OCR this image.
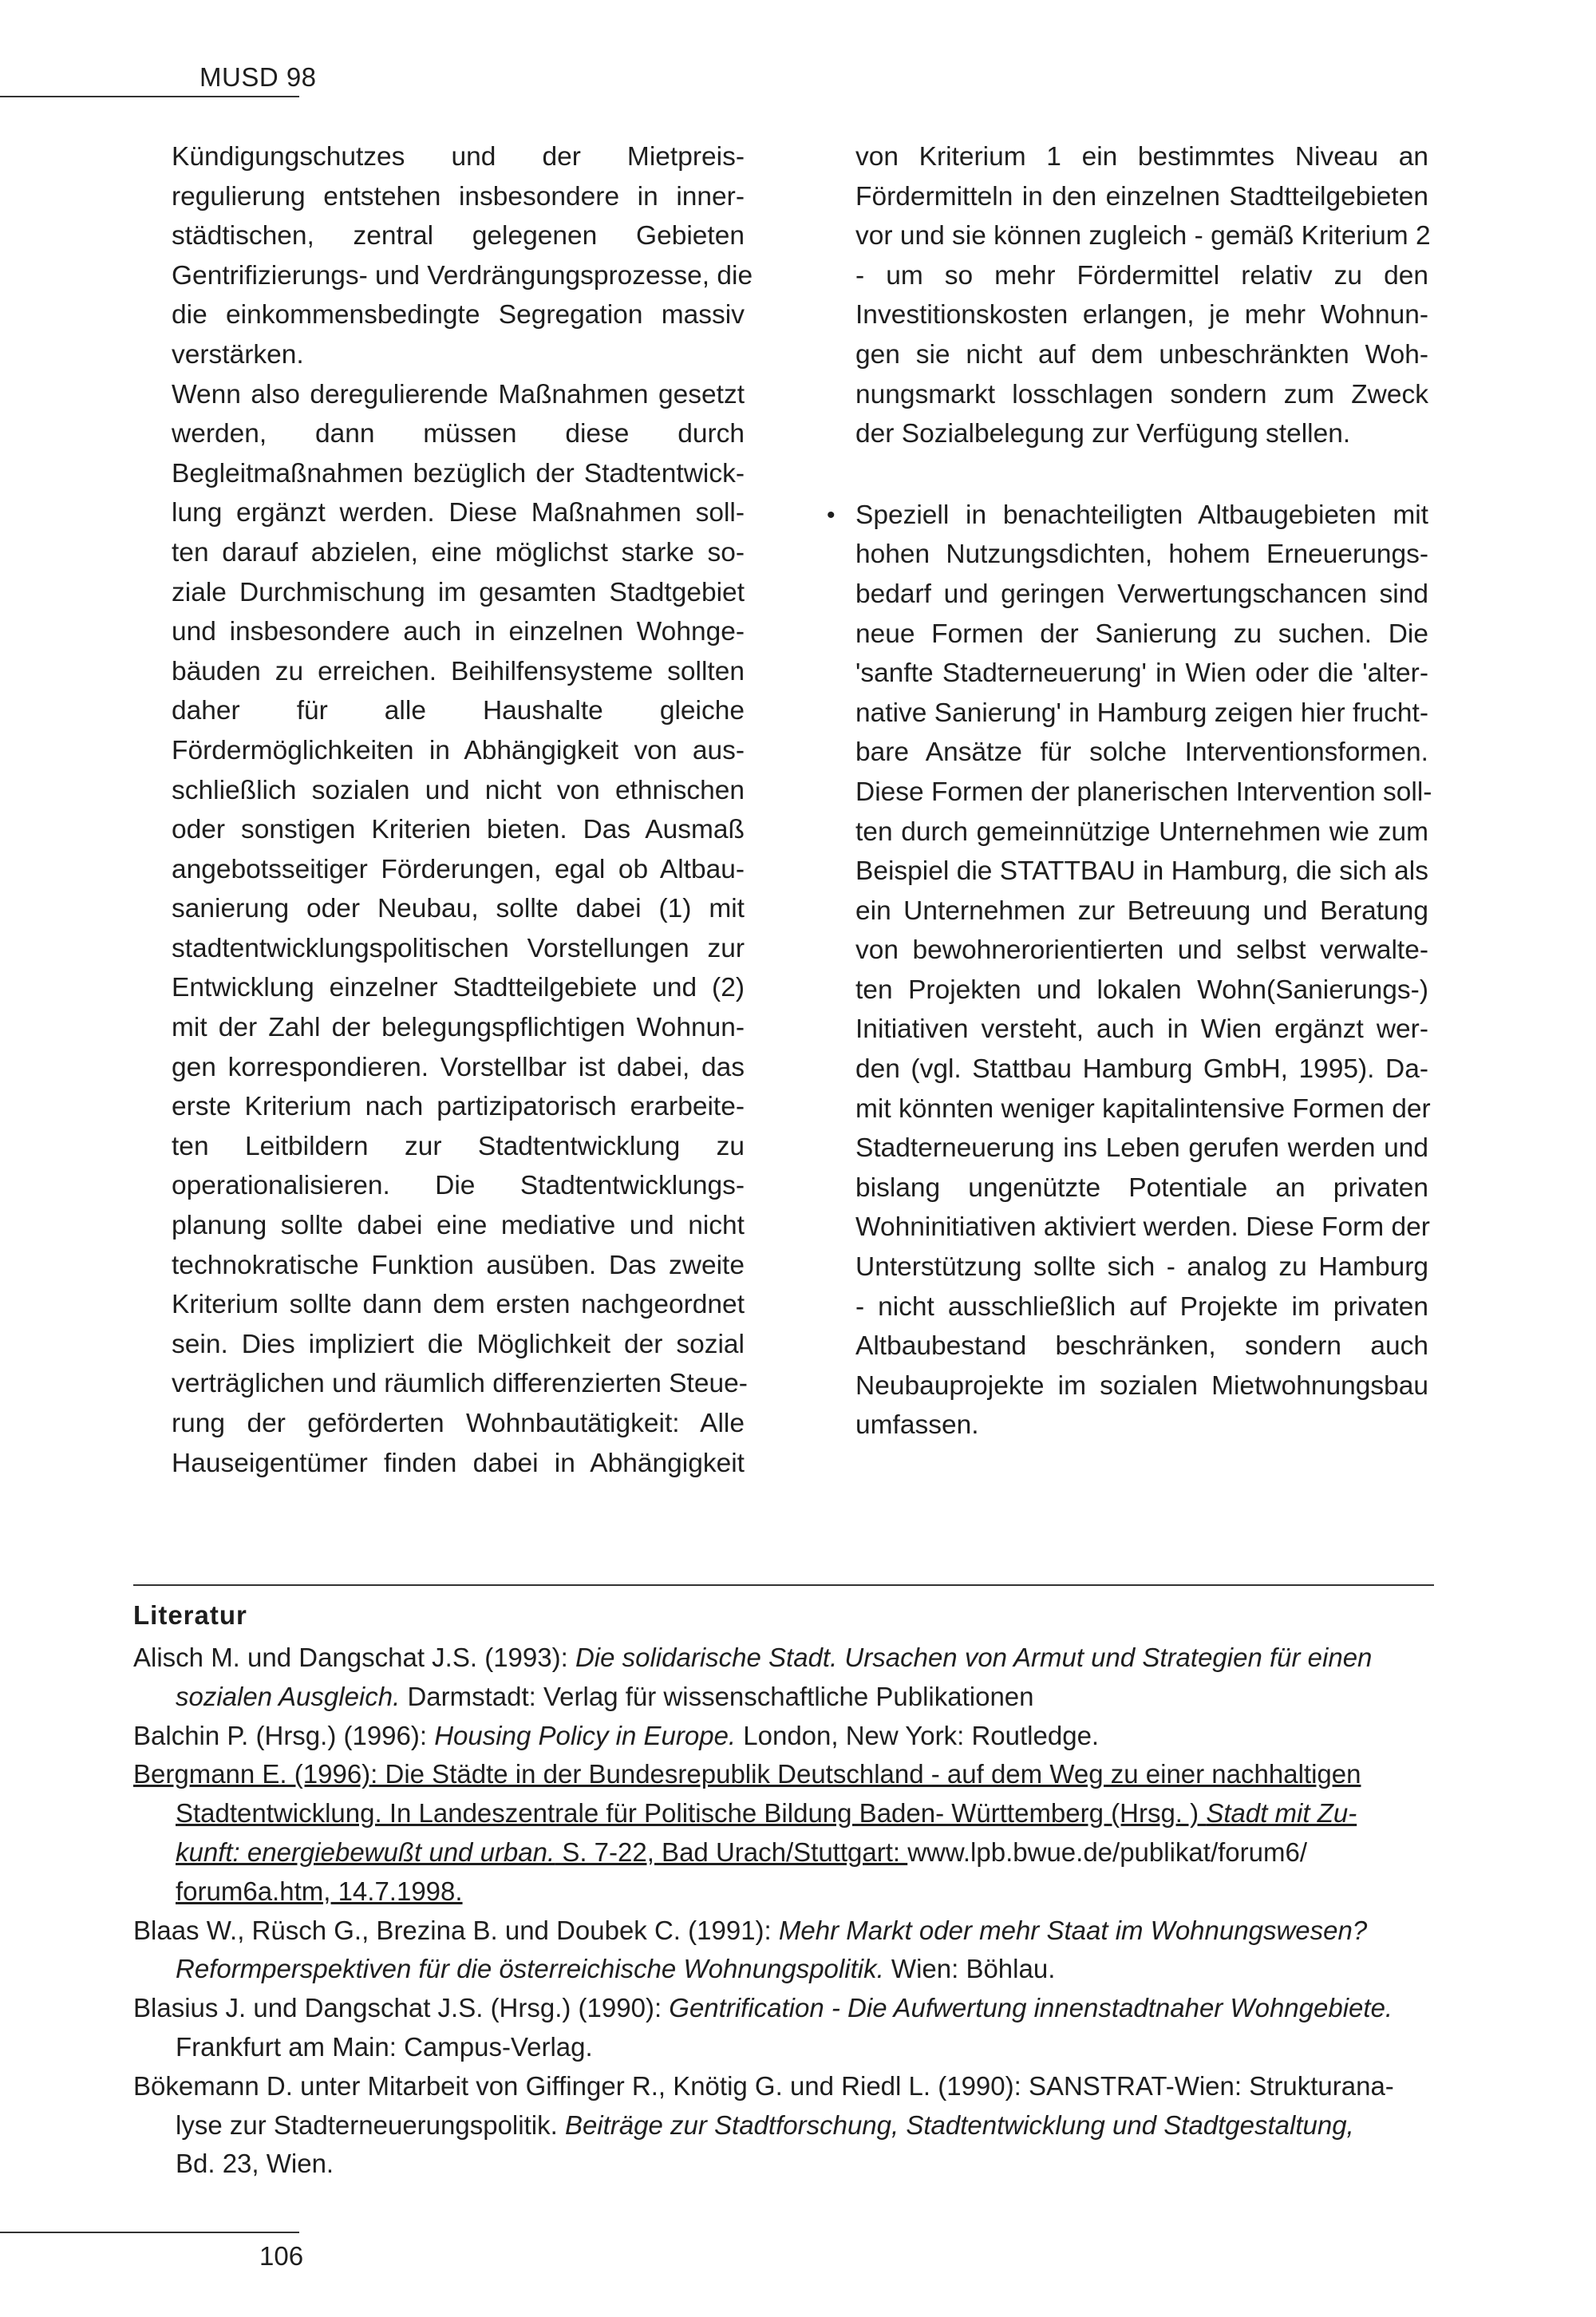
MUSD 98
Kündigungschutzes und der Mietpreis-
regulierung entstehen insbesondere in inner-
städtischen, zentral gelegenen Gebieten
Gentrifizierungs- und Verdrängungsprozesse, die
die einkommensbedingte Segregation massiv
verstärken.
Wenn also deregulierende Maßnahmen gesetzt
werden, dann müssen diese durch
Begleitmaßnahmen bezüglich der Stadtentwick-
lung ergänzt werden. Diese Maßnahmen soll-
ten darauf abzielen, eine möglichst starke so-
ziale Durchmischung im gesamten Stadtgebiet
und insbesondere auch in einzelnen Wohnge-
bäuden zu erreichen. Beihilfensysteme sollten
daher für alle Haushalte gleiche
Fördermöglichkeiten in Abhängigkeit von aus-
schließlich sozialen und nicht von ethnischen
oder sonstigen Kriterien bieten. Das Ausmaß
angebotsseitiger Förderungen, egal ob Altbau-
sanierung oder Neubau, sollte dabei (1) mit
stadtentwicklungspolitischen Vorstellungen zur
Entwicklung einzelner Stadtteilgebiete und (2)
mit der Zahl der belegungspflichtigen Wohnun-
gen korrespondieren. Vorstellbar ist dabei, das
erste Kriterium nach partizipatorisch erarbeite-
ten Leitbildern zur Stadtentwicklung zu
operationalisieren. Die Stadtentwicklungs-
planung sollte dabei eine mediative und nicht
technokratische Funktion ausüben. Das zweite
Kriterium sollte dann dem ersten nachgeordnet
sein. Dies impliziert die Möglichkeit der sozial
verträglichen und räumlich differenzierten Steue-
rung der geförderten Wohnbautätigkeit: Alle
Hauseigentümer finden dabei in Abhängigkeit
von Kriterium 1 ein bestimmtes Niveau an
Fördermitteln in den einzelnen Stadtteilgebieten
vor und sie können zugleich - gemäß Kriterium 2
- um so mehr Fördermittel relativ zu den
Investitionskosten erlangen, je mehr Wohnun-
gen sie nicht auf dem unbeschränkten Woh-
nungsmarkt losschlagen sondern zum Zweck
der Sozialbelegung zur Verfügung stellen.
• Speziell in benachteiligten Altbaugebieten mit
hohen Nutzungsdichten, hohem Erneuerungs-
bedarf und geringen Verwertungschancen sind
neue Formen der Sanierung zu suchen. Die
'sanfte Stadterneuerung' in Wien oder die 'alter-
native Sanierung' in Hamburg zeigen hier frucht-
bare Ansätze für solche Interventionsformen.
Diese Formen der planerischen Intervention soll-
ten durch gemeinnützige Unternehmen wie zum
Beispiel die STATTBAU in Hamburg, die sich als
ein Unternehmen zur Betreuung und Beratung
von bewohnerorientierten und selbst verwalte-
ten Projekten und lokalen Wohn(Sanierungs-)
Initiativen versteht, auch in Wien ergänzt wer-
den (vgl. Stattbau Hamburg GmbH, 1995). Da-
mit könnten weniger kapitalintensive Formen der
Stadterneuerung ins Leben gerufen werden und
bislang ungenützte Potentiale an privaten
Wohninitiativen aktiviert werden. Diese Form der
Unterstützung sollte sich - analog zu Hamburg
- nicht ausschließlich auf Projekte im privaten
Altbaubestand beschränken, sondern auch
Neubauprojekte im sozialen Mietwohnungsbau
umfassen.
Literatur
Alisch M. und Dangschat J.S. (1993): Die solidarische Stadt. Ursachen von Armut und Strategien für einen
sozialen Ausgleich. Darmstadt: Verlag für wissenschaftliche Publikationen
Balchin P. (Hrsg.) (1996): Housing Policy in Europe. London, New York: Routledge.
Bergmann E. (1996): Die Städte in der Bundesrepublik Deutschland - auf dem Weg zu einer nachhaltigen
Stadtentwicklung. In Landeszentrale für Politische Bildung Baden- Württemberg (Hrsg. ) Stadt mit Zu-
kunft: energiebewußt und urban. S. 7-22, Bad Urach/Stuttgart: www.lpb.bwue.de/publikat/forum6/
forum6a.htm, 14.7.1998.
Blaas W., Rüsch G., Brezina B. und Doubek C. (1991): Mehr Markt oder mehr Staat im Wohnungswesen?
Reformperspektiven für die österreichische Wohnungspolitik. Wien: Böhlau.
Blasius J. und Dangschat J.S. (Hrsg.) (1990): Gentrification - Die Aufwertung innenstadtnaher Wohngebiete.
Frankfurt am Main: Campus-Verlag.
Bökemann D. unter Mitarbeit von Giffinger R., Knötig G. und Riedl L. (1990): SANSTRAT-Wien: Strukturana-
lyse zur Stadterneuerungspolitik. Beiträge zur Stadtforschung, Stadtentwicklung und Stadtgestaltung,
Bd. 23, Wien.
106
